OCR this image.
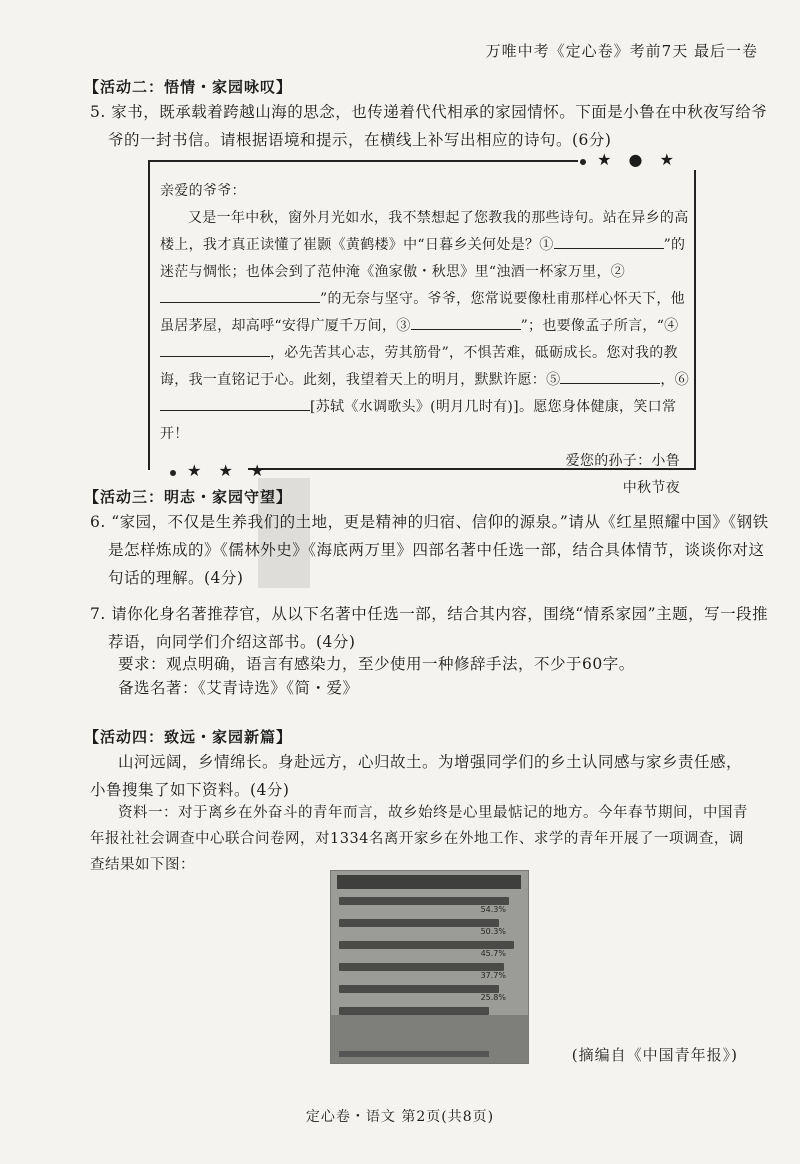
万唯中考《定心卷》考前7天 最后一卷
【活动二：悟情・家园咏叹】

5. 家书，既承载着跨越山海的思念，也传递着代代相承的家园情怀。下面是小鲁在中秋夜写给爷爷的一封书信。请根据语境和提示，在横线上补写出相应的诗句。(6分)

★ ● ★
★ ★ ★

亲爱的爷爷：

又是一年中秋，窗外月光如水，我不禁想起了您教我的那些诗句。站在异乡的高楼上，我才真正读懂了崔颢《黄鹤楼》中“日暮乡关何处是？①	”的迷茫与惆怅；也体会到了范仲淹《渔家傲・秋思》里“浊酒一杯家万里，②”的无奈与坚守。爷爷，您常说要像杜甫那样心怀天下，他虽居茅屋，却高呼“安得广厦千万间，③	”；也要像孟子所言，“④，必先苦其心志，劳其筋骨”，不惧苦难，砥砺成长。您对我的教诲，我一直铭记于心。此刻，我望着天上的明月，默默许愿：⑤	，⑥[苏轼《水调歌头》(明月几时有)]。愿您身体健康，笑口常开！

爱您的孙子：小鲁

中秋节夜

【活动三：明志・家园守望】

6. “家园，不仅是生养我们的土地，更是精神的归宿、信仰的源泉。”请从《红星照耀中国》《钢铁是怎样炼成的》《儒林外史》《海底两万里》四部名著中任选一部，结合具体情节，谈谈你对这句话的理解。(4分)

7. 请你化身名著推荐官，从以下名著中任选一部，结合其内容，围绕“情系家园”主题，写一段推荐语，向同学们介绍这部书。(4分)

要求：观点明确，语言有感染力，至少使用一种修辞手法，不少于60字。

备选名著：《艾青诗选》《简・爱》

【活动四：致远・家园新篇】

山河远阔，乡情绵长。身赴远方，心归故土。为增强同学们的乡土认同感与家乡责任感，小鲁搜集了如下资料。(4分)

资料一：对于离乡在外奋斗的青年而言，故乡始终是心里最惦记的地方。今年春节期间，中国青年报社社会调查中心联合问卷网，对1334名离开家乡在外地工作、求学的青年开展了一项调查，调查结果如下图：

54.3%
50.3%
45.7%
37.7%
25.8%
(摘编自《中国青年报》)
定心卷・语文 第2页(共8页)
